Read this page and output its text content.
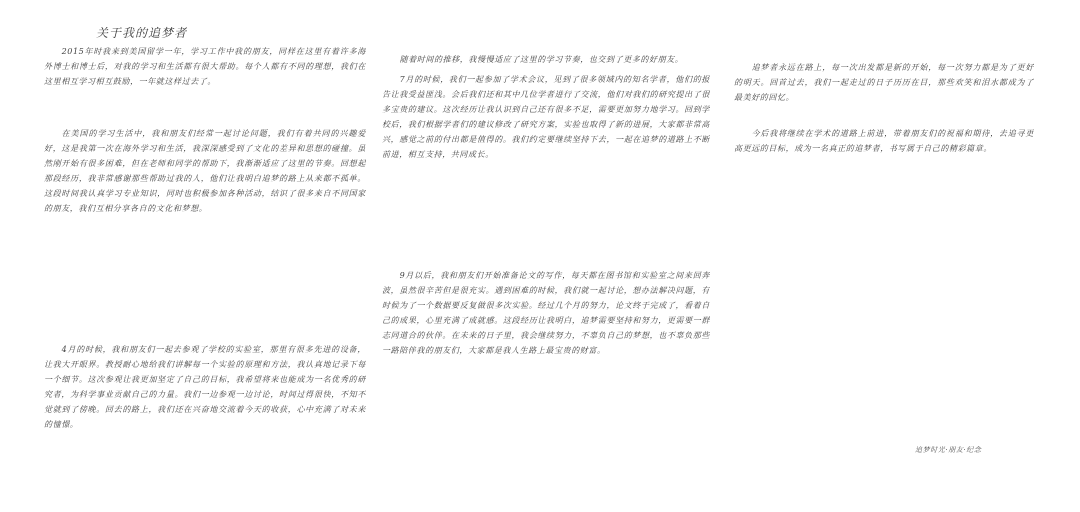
关于我的追梦者
2015年时我来到美国留学一年，学习工作中我的朋友，同样在这里有着许多海外博士和博士后，对我的学习和生活都有很大帮助。每个人都有不同的理想，我们在这里相互学习相互鼓励，一年就这样过去了。
在美国的学习生活中，我和朋友们经常一起讨论问题，我们有着共同的兴趣爱好，这是我第一次在海外学习和生活，我深深感受到了文化的差异和思想的碰撞。虽然刚开始有很多困难，但在老师和同学的帮助下，我渐渐适应了这里的节奏。回想起那段经历，我非常感谢那些帮助过我的人，他们让我明白追梦的路上从来都不孤单。这段时间我认真学习专业知识，同时也积极参加各种活动，结识了很多来自不同国家的朋友，我们互相分享各自的文化和梦想。
4月的时候，我和朋友们一起去参观了学校的实验室，那里有很多先进的设备，让我大开眼界。教授耐心地给我们讲解每一个实验的原理和方法，我认真地记录下每一个细节。这次参观让我更加坚定了自己的目标，我希望将来也能成为一名优秀的研究者，为科学事业贡献自己的力量。我们一边参观一边讨论，时间过得很快，不知不觉就到了傍晚。回去的路上，我们还在兴奋地交流着今天的收获，心中充满了对未来的憧憬。
随着时间的推移，我慢慢适应了这里的学习节奏，也交到了更多的好朋友。
7月的时候，我们一起参加了学术会议，见到了很多领域内的知名学者，他们的报告让我受益匪浅。会后我们还和其中几位学者进行了交流，他们对我们的研究提出了很多宝贵的建议。这次经历让我认识到自己还有很多不足，需要更加努力地学习。回到学校后，我们根据学者们的建议修改了研究方案，实验也取得了新的进展，大家都非常高兴，感觉之前的付出都是值得的。我们约定要继续坚持下去，一起在追梦的道路上不断前进，相互支持，共同成长。
9月以后，我和朋友们开始准备论文的写作，每天都在图书馆和实验室之间来回奔波，虽然很辛苦但是很充实。遇到困难的时候，我们就一起讨论，想办法解决问题，有时候为了一个数据要反复做很多次实验。经过几个月的努力，论文终于完成了，看着自己的成果，心里充满了成就感。这段经历让我明白，追梦需要坚持和努力，更需要一群志同道合的伙伴。在未来的日子里，我会继续努力，不辜负自己的梦想，也不辜负那些一路陪伴我的朋友们，大家都是我人生路上最宝贵的财富。
追梦者永远在路上，每一次出发都是新的开始，每一次努力都是为了更好的明天。回首过去，我们一起走过的日子历历在目，那些欢笑和泪水都成为了最美好的回忆。
今后我将继续在学术的道路上前进，带着朋友们的祝福和期待，去追寻更高更远的目标，成为一名真正的追梦者，书写属于自己的精彩篇章。
追梦时光·朋友·纪念
